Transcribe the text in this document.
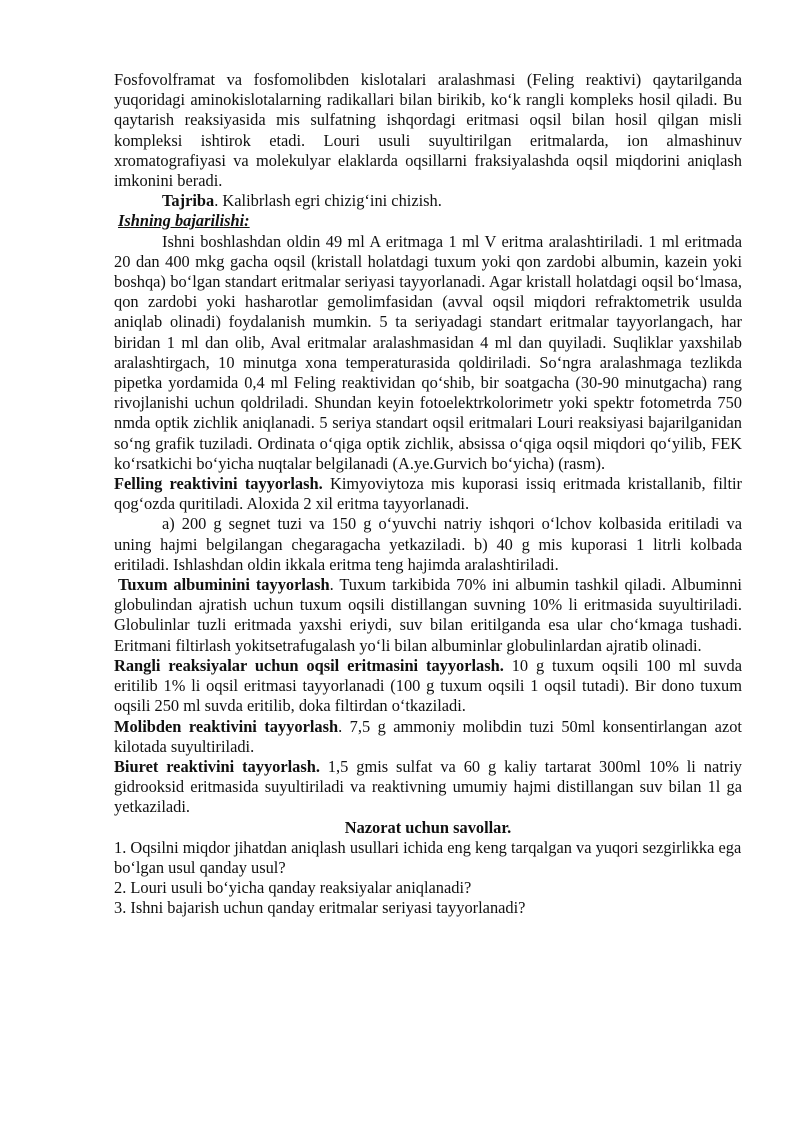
Fosfovolframat va fosfomolibden kislotalari aralashmasi (Feling reaktivi) qaytarilganda yuqoridagi aminokislotalarning radikallari bilan birikib, ko‘k rangli kompleks hosil qiladi. Bu qaytarish reaksiyasida mis sulfatning ishqordagi eritmasi oqsil bilan hosil qilgan misli kompleksi ishtirok etadi. Louri usuli suyultirilgan eritmalarda, ion almashinuv xromatografiyasi va molekulyar elaklarda oqsillarni fraksiyalashda oqsil miqdorini aniqlash imkonini beradi.

Tajriba. Kalibrlash egri chizig‘ini chizish.

Ishning bajarilishi:

Ishni boshlashdan oldin 49 ml A eritmaga 1 ml V eritma aralashtiriladi. 1 ml eritmada 20 dan 400 mkg gacha oqsil (kristall holatdagi tuxum yoki qon zardobi albumin, kazein yoki boshqa) bo‘lgan standart eritmalar seriyasi tayyorlanadi. Agar kristall holatdagi oqsil bo‘lmasa, qon zardobi yoki hasharotlar gemolimfasidan (avval oqsil miqdori refraktometrik usulda aniqlab olinadi) foydalanish mumkin. 5 ta seriyadagi standart eritmalar tayyorlangach, har biridan 1 ml dan olib, Aval eritmalar aralashmasidan 4 ml dan quyiladi. Suqliklar yaxshilab aralashtirgach, 10 minutga xona temperaturasida qoldiriladi. So‘ngra aralashmaga tezlikda pipetka yordamida 0,4 ml Feling reaktividan qo‘shib, bir soatgacha (30-90 minutgacha) rang rivojlanishi uchun qoldriladi. Shundan keyin fotoelektrkolorimetr yoki spektr fotometrda 750 nmda optik zichlik aniqlanadi. 5 seriya standart oqsil eritmalari Louri reaksiyasi bajarilganidan so‘ng grafik tuziladi. Ordinata o‘qiga optik zichlik, absissa o‘qiga oqsil miqdori qo‘yilib, FEK ko‘rsatkichi bo‘yicha nuqtalar belgilanadi (A.ye.Gurvich bo‘yicha) (rasm).

Felling reaktivini tayyorlash. Kimyoviytoza mis kuporasi issiq eritmada kristallanib, filtir qog‘ozda quritiladi. Aloxida 2 xil eritma tayyorlanadi.

a) 200 g segnet tuzi va 150 g o‘yuvchi natriy ishqori o‘lchov kolbasida eritiladi va uning hajmi belgilangan chegaragacha yetkaziladi. b) 40 g mis kuporasi 1 litrli kolbada eritiladi. Ishlashdan oldin ikkala eritma teng hajimda aralashtiriladi.

Tuxum albuminini tayyorlash. Tuxum tarkibida 70% ini albumin tashkil qiladi. Albuminni globulindan ajratish uchun tuxum oqsili distillangan suvning 10% li eritmasida suyultiriladi. Globulinlar tuzli eritmada yaxshi eriydi, suv bilan eritilganda esa ular cho‘kmaga tushadi. Eritmani filtirlash yokitsetrafugalash yo‘li bilan albuminlar globulinlardan ajratib olinadi.

Rangli reaksiyalar uchun oqsil eritmasini tayyorlash. 10 g tuxum oqsili 100 ml suvda eritilib 1% li oqsil eritmasi tayyorlanadi (100 g tuxum oqsili 1 oqsil tutadi). Bir dono tuxum oqsili 250 ml suvda eritilib, doka filtirdan o‘tkaziladi.

Molibden reaktivini tayyorlash. 7,5 g ammoniy molibdin tuzi 50ml konsentirlangan azot kilotada suyultiriladi.

Biuret reaktivini tayyorlash. 1,5 gmis sulfat va 60 g kaliy tartarat 300ml 10% li natriy gidrooksid eritmasida suyultiriladi va reaktivning umumiy hajmi distillangan suv bilan 1l ga yetkaziladi.

Nazorat uchun savollar.

1. Oqsilni miqdor jihatdan aniqlash usullari ichida eng keng tarqalgan va yuqori sezgirlikka ega bo‘lgan usul qanday usul?

2. Louri usuli bo‘yicha qanday reaksiyalar aniqlanadi?

3. Ishni bajarish uchun qanday eritmalar seriyasi tayyorlanadi?
